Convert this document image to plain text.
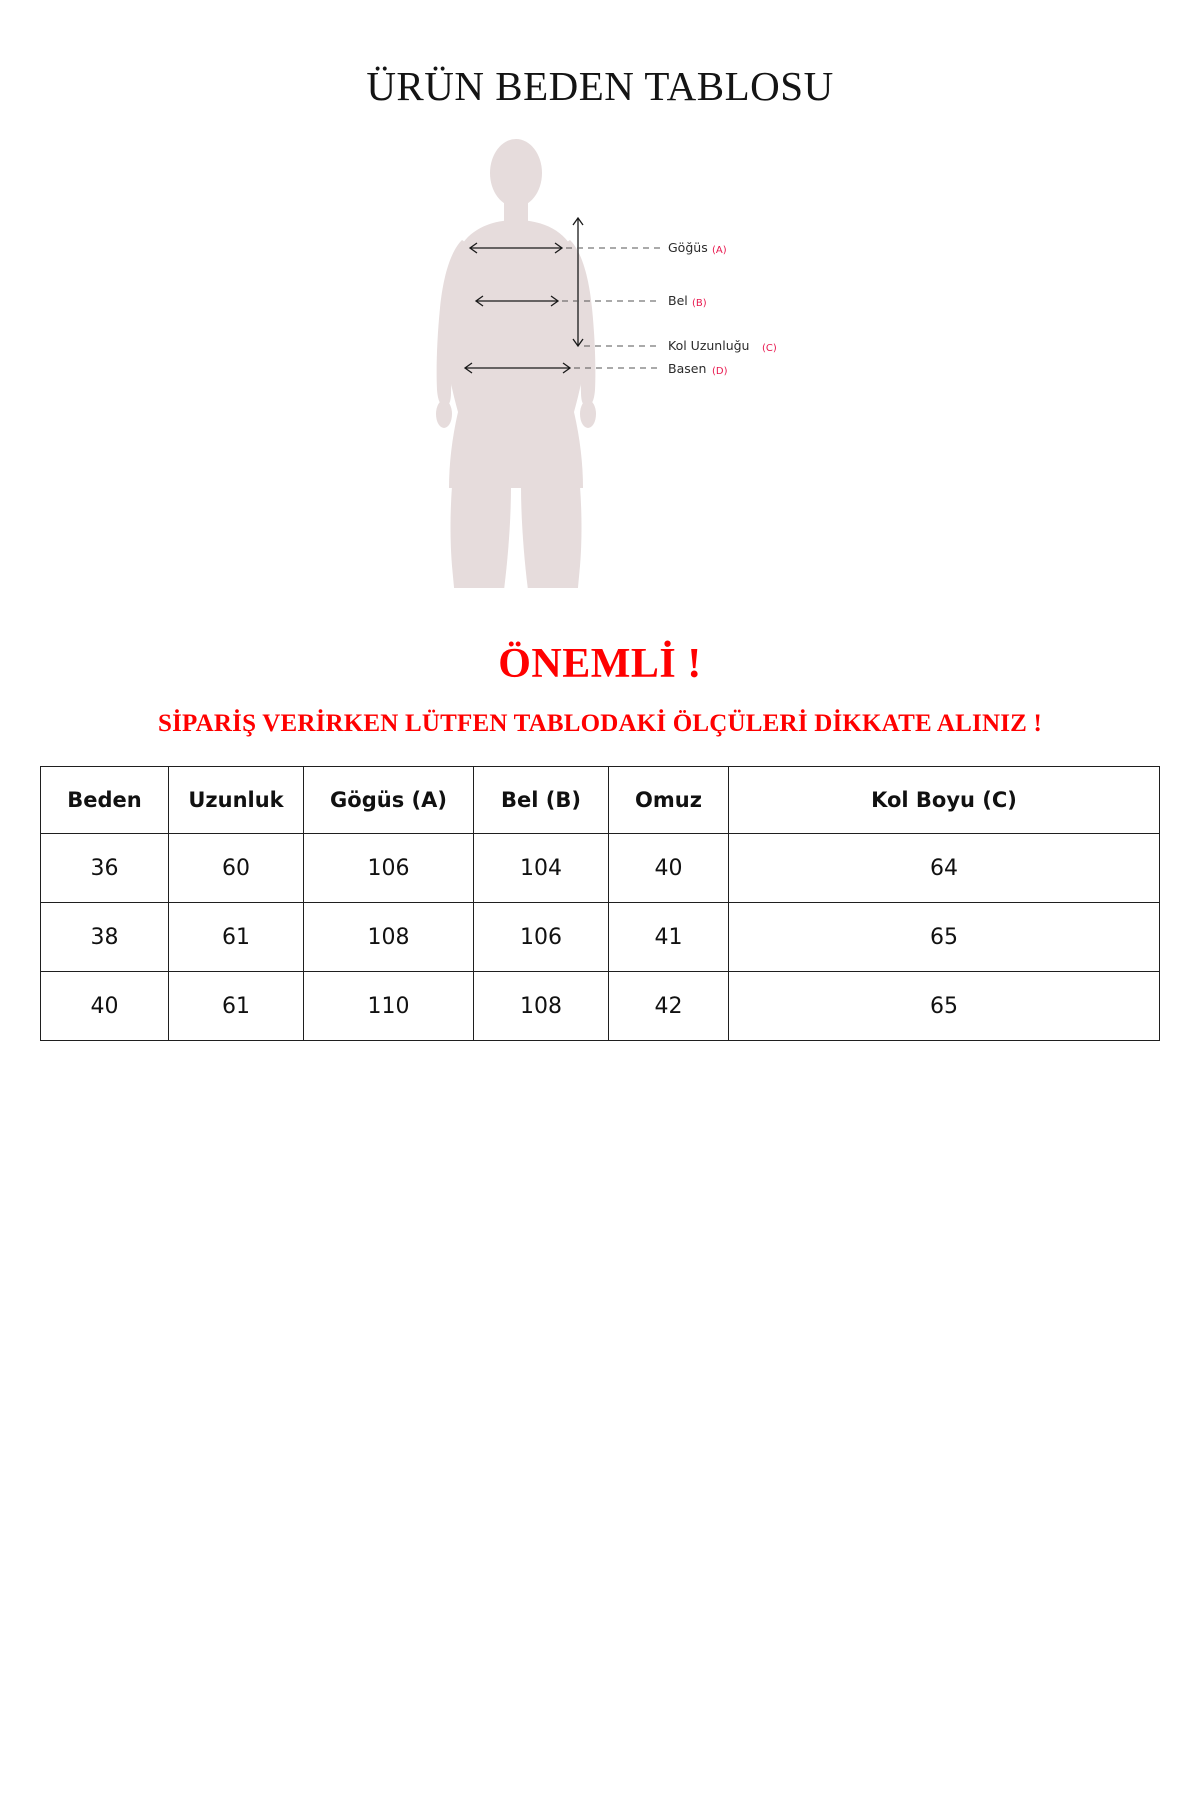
ÜRÜN BEDEN TABLOSU
Göğüs (A)
Bel (B)
Kol Uzunluğu (C)
Basen (D)
ÖNEMLİ !
SİPARİŞ VERİRKEN LÜTFEN TABLODAKİ ÖLÇÜLERİ DİKKATE ALINIZ !
Beden	Uzunluk	Gögüs (A)	Bel (B)	Omuz	Kol Boyu (C)
36	60	106	104	40	64
38	61	108	106	41	65
40	61	110	108	42	65
